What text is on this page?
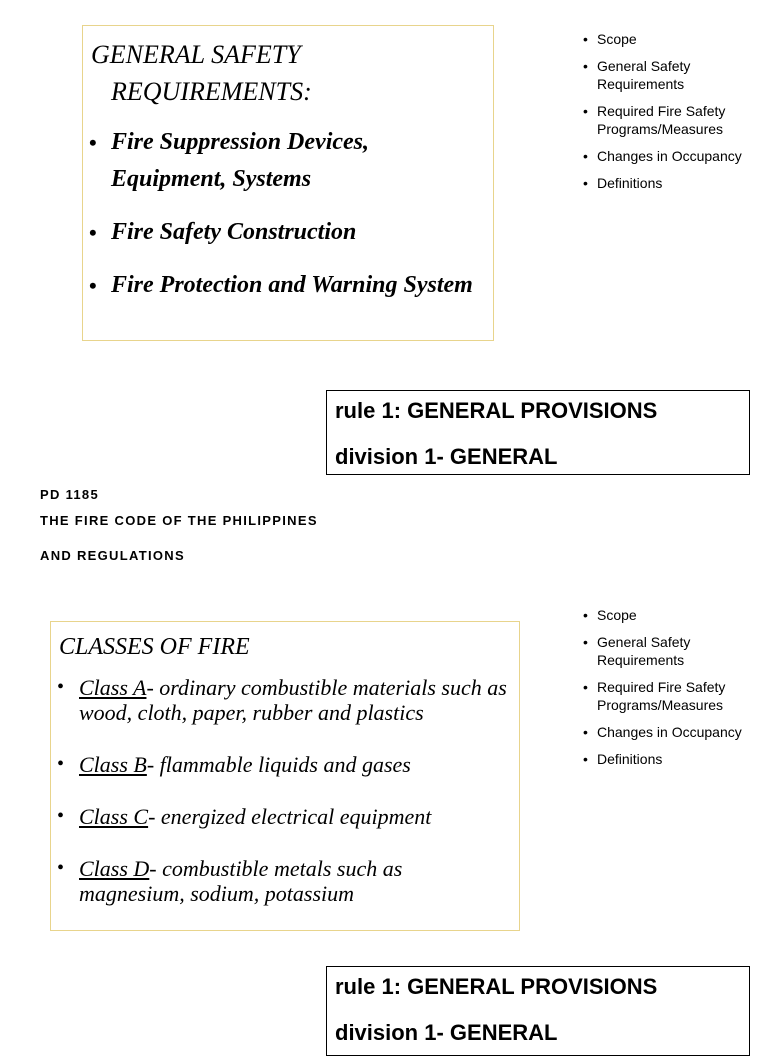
GENERAL SAFETY
REQUIREMENTS:
• Fire Suppression Devices, Equipment, Systems
• Fire Safety Construction
• Fire Protection and Warning System
• Scope
• General Safety Requirements
• Required Fire Safety Programs/Measures
• Changes in Occupancy
• Definitions
rule 1: GENERAL PROVISIONS
division 1- GENERAL
PD 1185
THE FIRE CODE OF THE PHILIPPINES
AND REGULATIONS
CLASSES OF FIRE
• Class A- ordinary combustible materials such as wood, cloth, paper, rubber and plastics
• Class B- flammable liquids and gases
• Class C- energized electrical equipment
• Class D- combustible metals such as magnesium, sodium, potassium
• Scope
• General Safety Requirements
• Required Fire Safety Programs/Measures
• Changes in Occupancy
• Definitions
rule 1: GENERAL PROVISIONS
division 1- GENERAL
